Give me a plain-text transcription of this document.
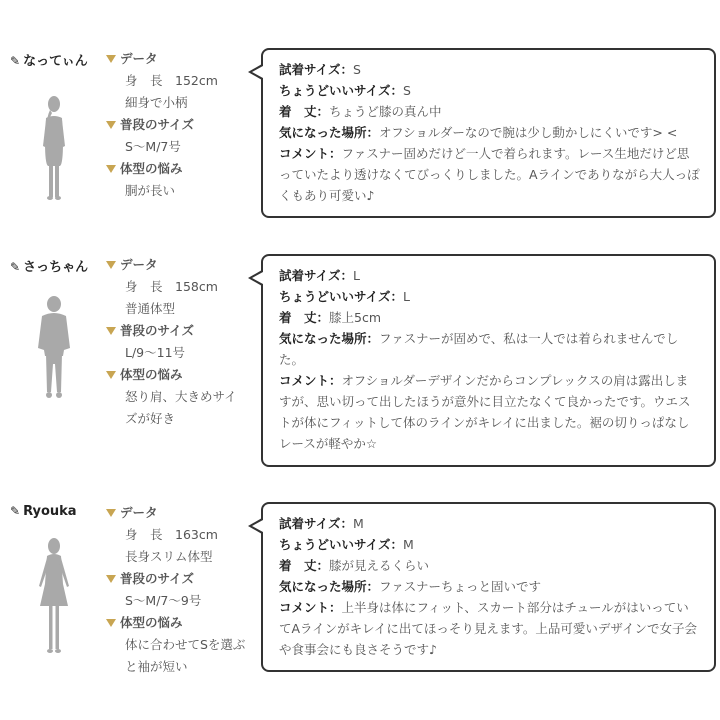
✎ なってぃん	データ
身　長　 152cm
細身で小柄
普段のサイズ
S～M/7号
体型の悩み
胴が長い

試着サイズ：S

ちょうどいいサイズ：S

着　丈：ちょうど膝の真ん中

気になった場所：オフショルダーなので腕は少し動かしにくいです> <

コメント：ファスナー固めだけど一人で着られます。レース生地だけど思っていたより透けなくてびっくりしました。Aラインでありながら大人っぽくもあり可愛い♪

✎ さっちゃん	データ
身　長　 158cm
普通体型
普段のサイズ
L/9～11号
体型の悩み
怒り肩、大きめサイ
ズが好き

試着サイズ：L

ちょうどいいサイズ：L

着　丈：膝上5cm

気になった場所：ファスナーが固めで、私は一人では着られませんでした。

コメント：オフショルダーデザインだからコンプレックスの肩は露出しますが、思い切って出したほうが意外に目立たなくて良かったです。ウエストが体にフィットして体のラインがキレイに出ました。裾の切りっぱなしレースが軽やか☆

✎ Ryouka	データ
身　長　 163cm
長身スリム体型
普段のサイズ
S～M/7～9号
体型の悩み
体に合わせてSを選ぶ
と袖が短い

試着サイズ：M

ちょうどいいサイズ：M

着　丈：膝が見えるくらい

気になった場所：ファスナーちょっと固いです

コメント：上半身は体にフィット、スカート部分はチュールがはいっていてAラインがキレイに出てほっそり見えます。上品可愛いデザインで女子会や食事会にも良さそうです♪
